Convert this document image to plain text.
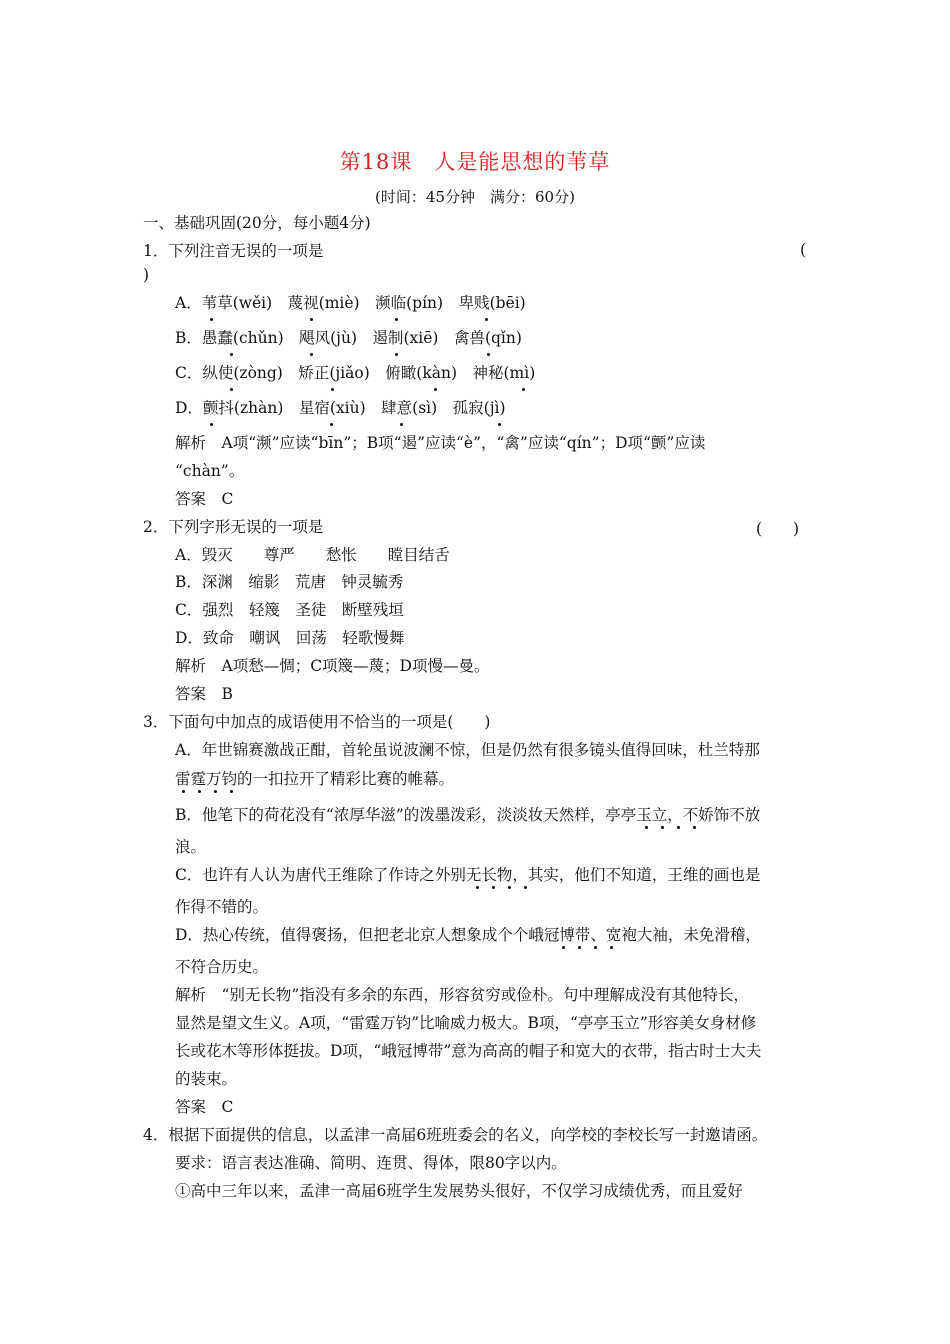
第18课　人是能思想的苇草
(时间：45分钟　满分：60分)
一、基础巩固(20分，每小题4分)
1．下列注音无误的一项是	(
)
A．苇草(wěi)　蔑视(miè)　濒临(pín)　卑贱(bēi)
B．愚蠢(chǔn)　飓风(jù)　遏制(xiē)　禽兽(qǐn)
C．纵使(zòng)　矫正(jiǎo)　俯瞰(kàn)　神秘(mì)
D．颤抖(zhàn)　星宿(xiù)　肆意(sì)　孤寂(jì)
解析　A项“濒”应读“bīn”；B项“遏”应读“è”，“禽”应读“qín”；D项“颤”应读
“chàn”。
答案　C
2．下列字形无误的一项是	(　　)
A．毁灭　　尊严　　愁怅　　瞠目结舌
B．深渊　缩影　荒唐　钟灵毓秀
C．强烈　轻篾　圣徒　断壁残垣
D．致命　嘲讽　回荡　轻歌慢舞
解析　A项愁—惆；C项篾—蔑；D项慢—曼。
答案　B
3．下面句中加点的成语使用不恰当的一项是(　　)
A．年世锦赛激战正酣，首轮虽说波澜不惊，但是仍然有很多镜头值得回味，杜兰特那
雷霆万钧的一扣拉开了精彩比赛的帷幕。
B．他笔下的荷花没有“浓厚华滋”的泼墨泼彩，淡淡妆天然样，亭亭玉立，不娇饰不放
浪。
C．也许有人认为唐代王维除了作诗之外别无长物，其实，他们不知道，王维的画也是
作得不错的。
D．热心传统，值得褒扬，但把老北京人想象成个个峨冠博带、宽袍大袖，未免滑稽，
不符合历史。
解析　“别无长物”指没有多余的东西，形容贫穷或俭朴。句中理解成没有其他特长，
显然是望文生义。A项，“雷霆万钧”比喻威力极大。B项，“亭亭玉立”形容美女身材修
长或花木等形体挺拔。D项，“峨冠博带”意为高高的帽子和宽大的衣带，指古时士大夫
的装束。
答案　C
4．根据下面提供的信息，以孟津一高届6班班委会的名义，向学校的李校长写一封邀请函。
要求：语言表达准确、简明、连贯、得体，限80字以内。
①高中三年以来，孟津一高届6班学生发展势头很好，不仅学习成绩优秀，而且爱好
